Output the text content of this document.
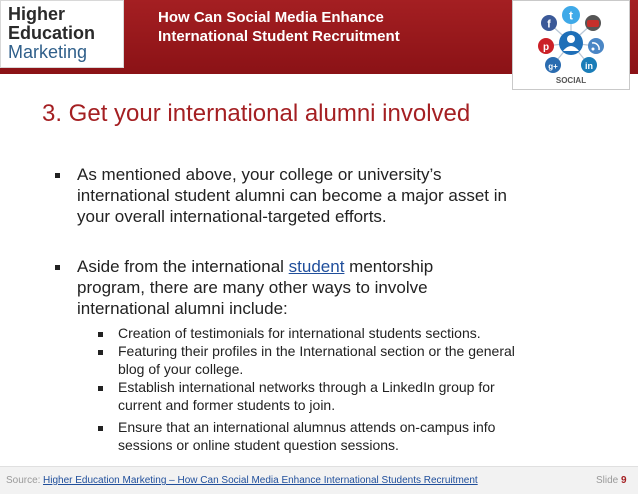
Higher
Education
Marketing
How Can Social Media Enhance
International Student Recruitment
f
t
p
g+	in
SOCIAL
3. Get your international alumni involved
As mentioned above, your college or university’s
international student alumni can become a major asset in
your overall international-targeted efforts.
Aside from the international student mentorship
program, there are many other ways to involve
international alumni include:
Creation of testimonials for international students sections.
Featuring their profiles in the International section or the general
blog of your college.
Establish international networks through a LinkedIn group for
current and former students to join.
Ensure that an international alumnus attends on-campus info
sessions or online student question sessions.
Source: Higher Education Marketing – How Can Social Media Enhance International Students Recruitment	Slide 9
